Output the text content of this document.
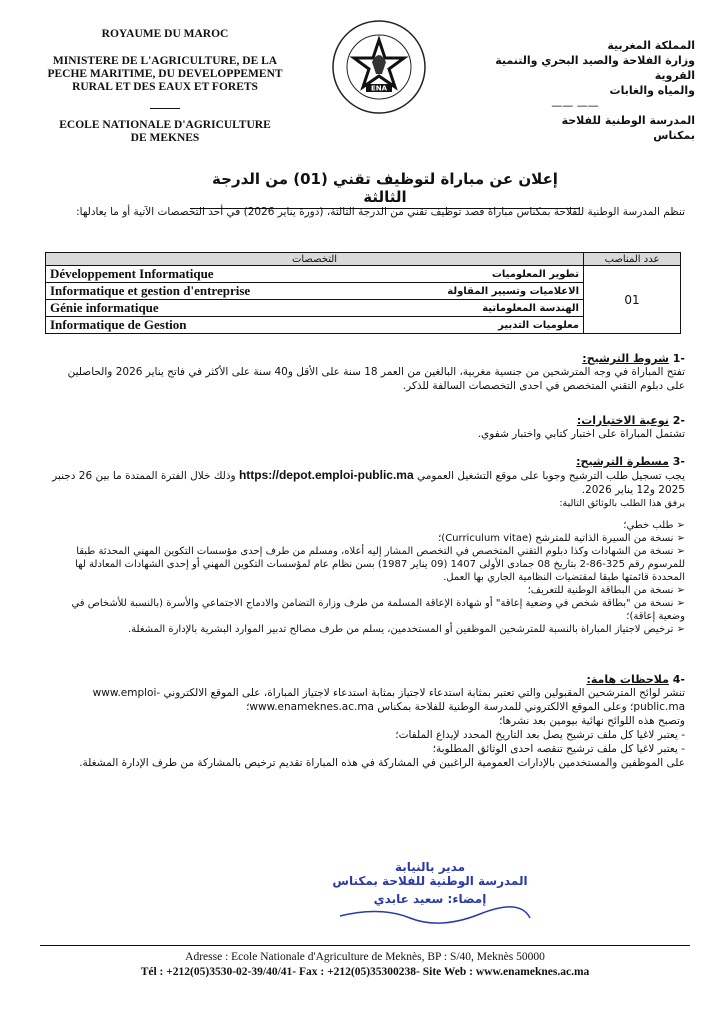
ROYAUME DU MAROC
MINISTERE DE L'AGRICULTURE, DE LA
PECHE MARITIME, DU DEVELOPPEMENT
RURAL ET DES EAUX ET FORETS
ECOLE NATIONALE D'AGRICULTURE
DE MEKNES
ENA
المملكة المغربية
وزارة الفلاحة والصيد البحري والتنمية القروية
والمياه والغابات
—— ——
المدرسة الوطنية للفلاحة
بمكناس
إعلان عن مباراة لتوظيف تقني (01) من الدرجة الثالثة
تنظم المدرسة الوطنية للفلاحة بمكناس مباراة قصد توظيف تقني من الدرجة الثالثة، (دورة يناير 2026) في أحد التخصصات الآتية أو ما يعادلها:
التخصصات		عدد المناصب
Développement Informatique	تطوير المعلوميات	01
Informatique et gestion d'entreprise	الاعلاميات وتسيير المقاولة	
Génie informatique	الهندسة المعلوماتية	
Informatique de Gestion	معلوميات التدبير	
-1 شروط الترشيح:
تفتح المباراة في وجه المترشحين من جنسية مغربية، البالغين من العمر 18 سنة على الأقل و40 سنة على الأكثر في فاتح يناير 2026 والحاصلين على دبلوم التقني المتخصص في احدى التخصصات السالفة للذكر.
-2 نوعية الاختبارات:
تشتمل المباراة على اختبار كتابي واختبار شفوي.
-3 مسطرة الترشيح:
يجب تسجيل طلب الترشيح وجوبا على موقع التشغيل العمومي https://depot.emploi-public.ma وذلك خلال الفترة الممتدة ما بين 26 دجنبر 2025 و12 يناير 2026.
يرفق هذا الطلب بالوثائق التالية:
➢ طلب خطي؛
➢ نسخة من السيرة الذاتية للمترشح (Curriculum vitae)؛
➢ نسخة من الشهادات وكذا دبلوم التقني المتخصص في التخصص المشار إليه أعلاه، ومسلم من طرف إحدى مؤسسات التكوين المهني المحدثة طبقا للمرسوم رقم 325-86-2 بتاريخ 08 جمادى الأولى 1407 (09 يناير 1987) بسن نظام عام لمؤسسات التكوين المهني أو إحدى الشهادات المعادلة لها المحددة قائمتها طبقا لمقتضيات النظامية الجاري بها العمل.
➢ نسخة من البطاقة الوطنية للتعريف؛
➢ نسخة من "بطاقة شخص في وضعية إعاقة" أو شهادة الإعاقة المسلمة من طرف وزارة التضامن والادماج الاجتماعي والأسرة (بالنسبة للأشخاص في وضعية إعاقة)؛
➢ ترخيص لاجتياز المباراة بالنسبة للمترشحين الموظفين أو المستخدمين، يسلم من طرف مصالح تدبير الموارد البشرية بالإدارة المشغلة.
-4 ملاحظات هامة:
تنشر لوائح المترشحين المقبولين والتي تعتبر بمثابة استدعاء لاجتياز بمثابة استدعاء لاجتياز المباراة، على الموقع الالكتروني www.emploi-public.ma؛ وعلى الموقع الالكتروني للمدرسة الوطنية للفلاحة بمكناس www.enameknes.ac.ma؛
وتصبح هذه اللوائح نهائية بيومين بعد نشرها؛
- يعتبر لاغيا كل ملف ترشيح يصل بعد التاريخ المحدد لإيداع الملفات؛
- يعتبر لاغيا كل ملف ترشيح تنقصه احدى الوثائق المطلوبة؛
على الموظفين والمستخدمين بالإدارات العمومية الراغبين في المشاركة في هذه المباراة تقديم ترخيص بالمشاركة من طرف الإدارة المشغلة.
مدير بالنيابة
المدرسة الوطنية للفلاحة بمكناس
إمضاء: سعيد عابدي
Adresse : Ecole Nationale d'Agriculture de Meknès, BP : S/40, Meknès 50000
Tél : +212(05)3530-02-39/40/41- Fax : +212(05)35300238- Site Web : www.enameknes.ac.ma
